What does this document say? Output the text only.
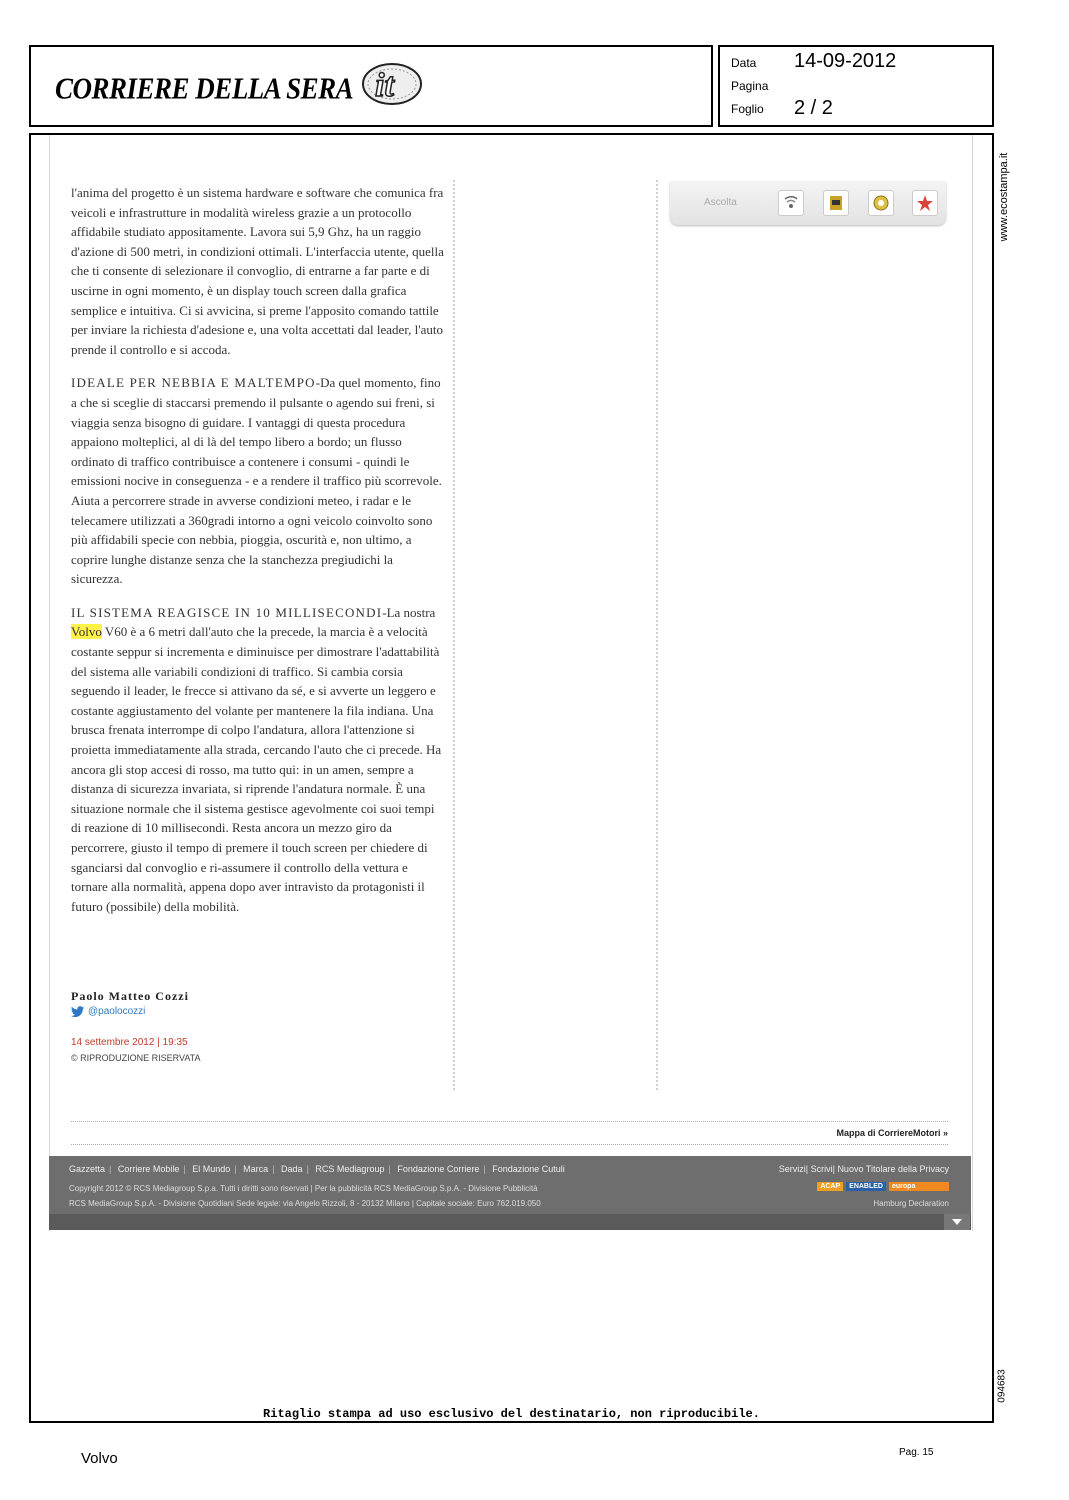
CORRIERE DELLA SERA it
Data 14-09-2012
Pagina
Foglio 2 / 2
www.ecostampa.it
094683

l'anima del progetto è un sistema hardware e software che comunica fra veicoli e infrastrutture in modalità wireless grazie a un protocollo affidabile studiato appositamente. Lavora sui 5,9 Ghz, ha un raggio d'azione di 500 metri, in condizioni ottimali. L'interfaccia utente, quella che ti consente di selezionare il convoglio, di entrarne a far parte e di uscirne in ogni momento, è un display touch screen dalla grafica semplice e intuitiva. Ci si avvicina, si preme l'apposito comando tattile per inviare la richiesta d'adesione e, una volta accettati dal leader, l'auto prende il controllo e si accoda.

IDEALE PER NEBBIA E MALTEMPO-Da quel momento, fino a che si sceglie di staccarsi premendo il pulsante o agendo sui freni, si viaggia senza bisogno di guidare. I vantaggi di questa procedura appaiono molteplici, al di là del tempo libero a bordo; un flusso ordinato di traffico contribuisce a contenere i consumi - quindi le emissioni nocive in conseguenza - e a rendere il traffico più scorrevole. Aiuta a percorrere strade in avverse condizioni meteo, i radar e le telecamere utilizzati a 360gradi intorno a ogni veicolo coinvolto sono più affidabili specie con nebbia, pioggia, oscurità e, non ultimo, a coprire lunghe distanze senza che la stanchezza pregiudichi la sicurezza.

IL SISTEMA REAGISCE IN 10 MILLISECONDI-La nostra Volvo V60 è a 6 metri dall'auto che la precede, la marcia è a velocità costante seppur si incrementa e diminuisce per dimostrare l'adattabilità del sistema alle variabili condizioni di traffico. Si cambia corsia seguendo il leader, le frecce si attivano da sé, e si avverte un leggero e costante aggiustamento del volante per mantenere la fila indiana. Una brusca frenata interrompe di colpo l'andatura, allora l'attenzione si proietta immediatamente alla strada, cercando l'auto che ci precede. Ha ancora gli stop accesi di rosso, ma tutto qui: in un amen, sempre a distanza di sicurezza invariata, si riprende l'andatura normale. È una situazione normale che il sistema gestisce agevolmente coi suoi tempi di reazione di 10 millisecondi. Resta ancora un mezzo giro da percorrere, giusto il tempo di premere il touch screen per chiedere di sganciarsi dal convoglio e ri-assumere il controllo della vettura e tornare alla normalità, appena dopo aver intravisto da protagonisti il futuro (possibile) della mobilità.

Paolo Matteo Cozzi
@paolocozzi
14 settembre 2012 | 19:35
© RIPRODUZIONE RISERVATA
Ascolta
Mappa di CorriereMotori »
Gazzetta | Corriere Mobile | El Mundo | Marca | Dada | RCS Mediagroup | Fondazione Corriere | Fondazione Cutuli	Servizi| Scrivi| Nuovo Titolare della Privacy
Copyright 2012 © RCS Mediagroup S.p.a. Tutti i diritti sono riservati | Per la pubblicità RCS MediaGroup S.p.A. - Divisione Pubblicità
RCS MediaGroup S.p.A. - Divisione Quotidiani Sede legale: via Angelo Rizzoli, 8 - 20132 Milano | Capitale sociale: Euro 762.019.050
ACAP	ENABLED	europa
Hamburg Declaration
Ritaglio stampa ad uso esclusivo del destinatario, non riproducibile.
Volvo	Pag. 15
